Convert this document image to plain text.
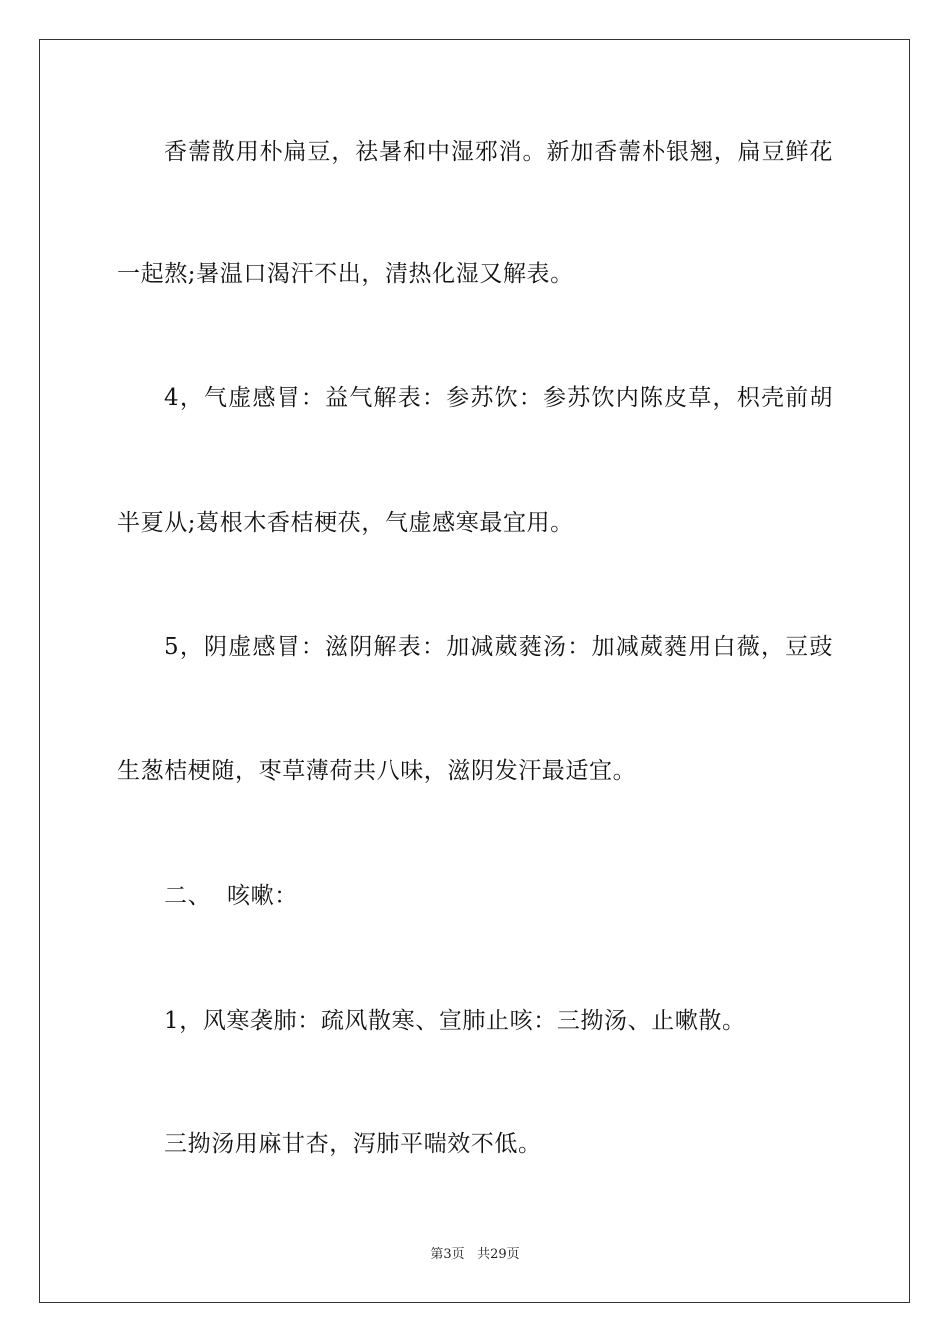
香薷散用朴扁豆，祛暑和中湿邪消。新加香薷朴银翘，扁豆鲜花

一起熬;暑温口渴汗不出，清热化湿又解表。

4，气虚感冒：益气解表：参苏饮：参苏饮内陈皮草，枳壳前胡

半夏从;葛根木香桔梗茯，气虚感寒最宜用。

5，阴虚感冒：滋阴解表：加减葳蕤汤：加减葳蕤用白薇，豆豉

生葱桔梗随，枣草薄荷共八味，滋阴发汗最适宜。

二、  咳嗽：

1，风寒袭肺：疏风散寒、宣肺止咳：三拗汤、止嗽散。

三拗汤用麻甘杏，泻肺平喘效不低。

第3页 共29页
